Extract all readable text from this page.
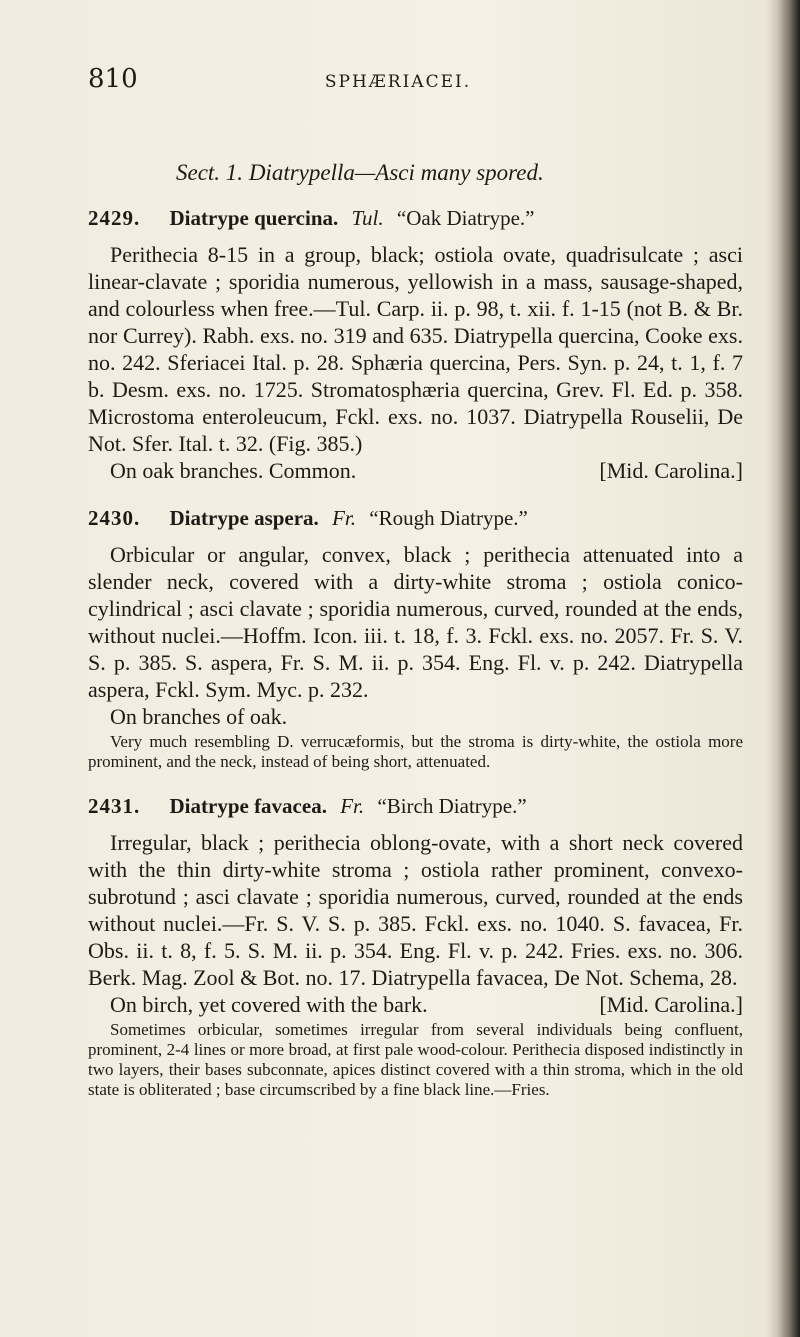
810	SPHÆRIACEI.

Sect. 1. Diatrypella—Asci many spored.

2429. Diatrype quercina. Tul. “Oak Diatrype.”

Perithecia 8-15 in a group, black; ostiola ovate, quadrisulcate ; asci linear-clavate ; sporidia numerous, yellowish in a mass, sausage-shaped, and colourless when free.—Tul. Carp. ii. p. 98, t. xii. f. 1-15 (not B. & Br. nor Currey). Rabh. exs. no. 319 and 635. Diatrypella quercina, Cooke exs. no. 242. Sferiacei Ital. p. 28. Sphæria quercina, Pers. Syn. p. 24, t. 1, f. 7 b. Desm. exs. no. 1725. Stromatosphæria quercina, Grev. Fl. Ed. p. 358. Microstoma enteroleucum, Fckl. exs. no. 1037. Diatrypella Rouselii, De Not. Sfer. Ital. t. 32. (Fig. 385.)

On oak branches. Common.	[Mid. Carolina.]

2430. Diatrype aspera. Fr. “Rough Diatrype.”

Orbicular or angular, convex, black ; perithecia attenuated into a slender neck, covered with a dirty-white stroma ; ostiola conico-cylindrical ; asci clavate ; sporidia numerous, curved, rounded at the ends, without nuclei.—Hoffm. Icon. iii. t. 18, f. 3. Fckl. exs. no. 2057. Fr. S. V. S. p. 385. S. aspera, Fr. S. M. ii. p. 354. Eng. Fl. v. p. 242. Diatrypella aspera, Fckl. Sym. Myc. p. 232.

On branches of oak.

Very much resembling D. verrucæformis, but the stroma is dirty-white, the ostiola more prominent, and the neck, instead of being short, attenuated.

2431. Diatrype favacea. Fr. “Birch Diatrype.”

Irregular, black ; perithecia oblong-ovate, with a short neck covered with the thin dirty-white stroma ; ostiola rather prominent, convexo-subrotund ; asci clavate ; sporidia numerous, curved, rounded at the ends without nuclei.—Fr. S. V. S. p. 385. Fckl. exs. no. 1040. S. favacea, Fr. Obs. ii. t. 8, f. 5. S. M. ii. p. 354. Eng. Fl. v. p. 242. Fries. exs. no. 306. Berk. Mag. Zool & Bot. no. 17. Diatrypella favacea, De Not. Schema, 28.

On birch, yet covered with the bark.	[Mid. Carolina.]

Sometimes orbicular, sometimes irregular from several individuals being confluent, prominent, 2-4 lines or more broad, at first pale wood-colour. Perithecia disposed indistinctly in two layers, their bases subconnate, apices distinct covered with a thin stroma, which in the old state is obliterated ; base circumscribed by a fine black line.—Fries.
